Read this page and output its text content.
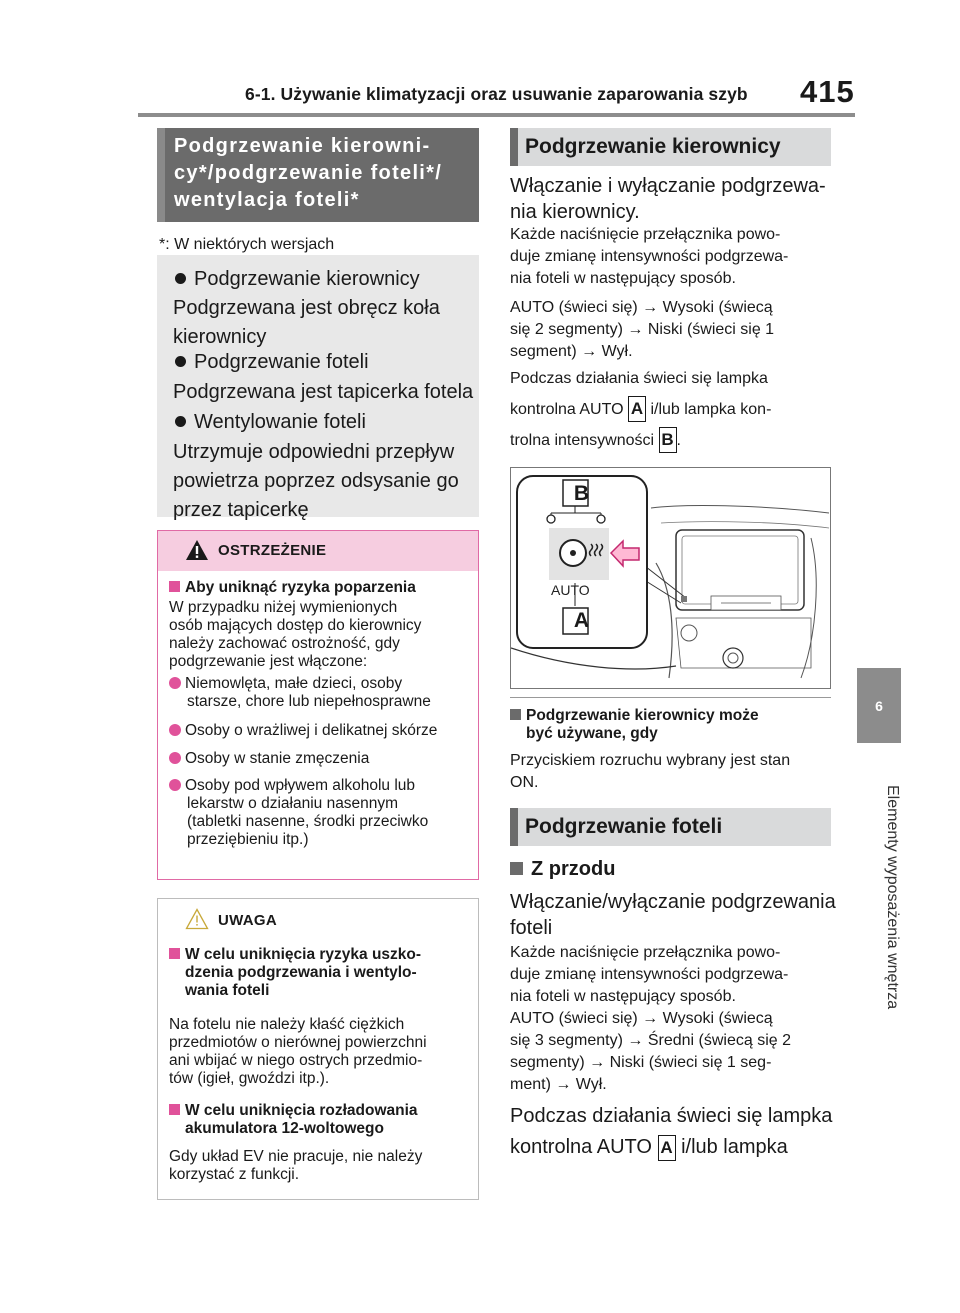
6-1. Używanie klimatyzacji oraz usuwanie zaparowania szyb 415
6
Elementy wyposażenia wnętrza
Podgrzewanie kierowni-
cy*/podgrzewanie foteli*/
wentylacja foteli*
*: W niektórych wersjach
Podgrzewanie kierownicy
Podgrzewana jest obręcz koła
kierownicy
Podgrzewanie foteli
Podgrzewana jest tapicerka fotela
Wentylowanie foteli
Utrzymuje odpowiedni przepływ
powietrza poprzez odsysanie go
przez tapicerkę
OSTRZEŻENIE
Aby uniknąć ryzyka poparzenia
W przypadku niżej wymienionych
osób mających dostęp do kierownicy
należy zachować ostrożność, gdy
podgrzewanie jest włączone:
Niemowlęta, małe dzieci, osoby
starsze, chore lub niepełnosprawne
Osoby o wrażliwej i delikatnej skórze
Osoby w stanie zmęczenia
Osoby pod wpływem alkoholu lub
lekarstw o działaniu nasennym
(tabletki nasenne, środki przeciwko
przeziębieniu itp.)
UWAGA
W celu uniknięcia ryzyka uszko-
dzenia podgrzewania i wentylo-
wania foteli
Na fotelu nie należy kłaść ciężkich
przedmiotów o nierównej powierzchni
ani wbijać w niego ostrych przedmio-
tów (igieł, gwoździ itp.).
W celu uniknięcia rozładowania
akumulatora 12-woltowego
Gdy układ EV nie pracuje, nie należy
korzystać z funkcji.
Podgrzewanie kierownicy
Włączanie i wyłączanie podgrzewa-
nia kierownicy.
Każde naciśnięcie przełącznika powo-
duje zmianę intensywności podgrzewa-
nia foteli w następujący sposób.
AUTO (świeci się) → Wysoki (świecą
się 2 segmenty) → Niski (świeci się 1
segment) → Wył.
Podczas działania świeci się lampka
kontrolna AUTO A i/lub lampka kon-
trolna intensywności B .
B
AUTO
A
Podgrzewanie kierownicy może
być używane, gdy
Przyciskiem rozruchu wybrany jest stan
ON.
Podgrzewanie foteli
Z przodu
Włączanie/wyłączanie podgrzewania
foteli
Każde naciśnięcie przełącznika powo-
duje zmianę intensywności podgrzewa-
nia foteli w następujący sposób.
AUTO (świeci się) → Wysoki (świecą
się 3 segmenty) → Średni (świecą się 2
segmenty) → Niski (świeci się 1 seg-
ment) → Wył.
Podczas działania świeci się lampka
kontrolna AUTO A i/lub lampka
